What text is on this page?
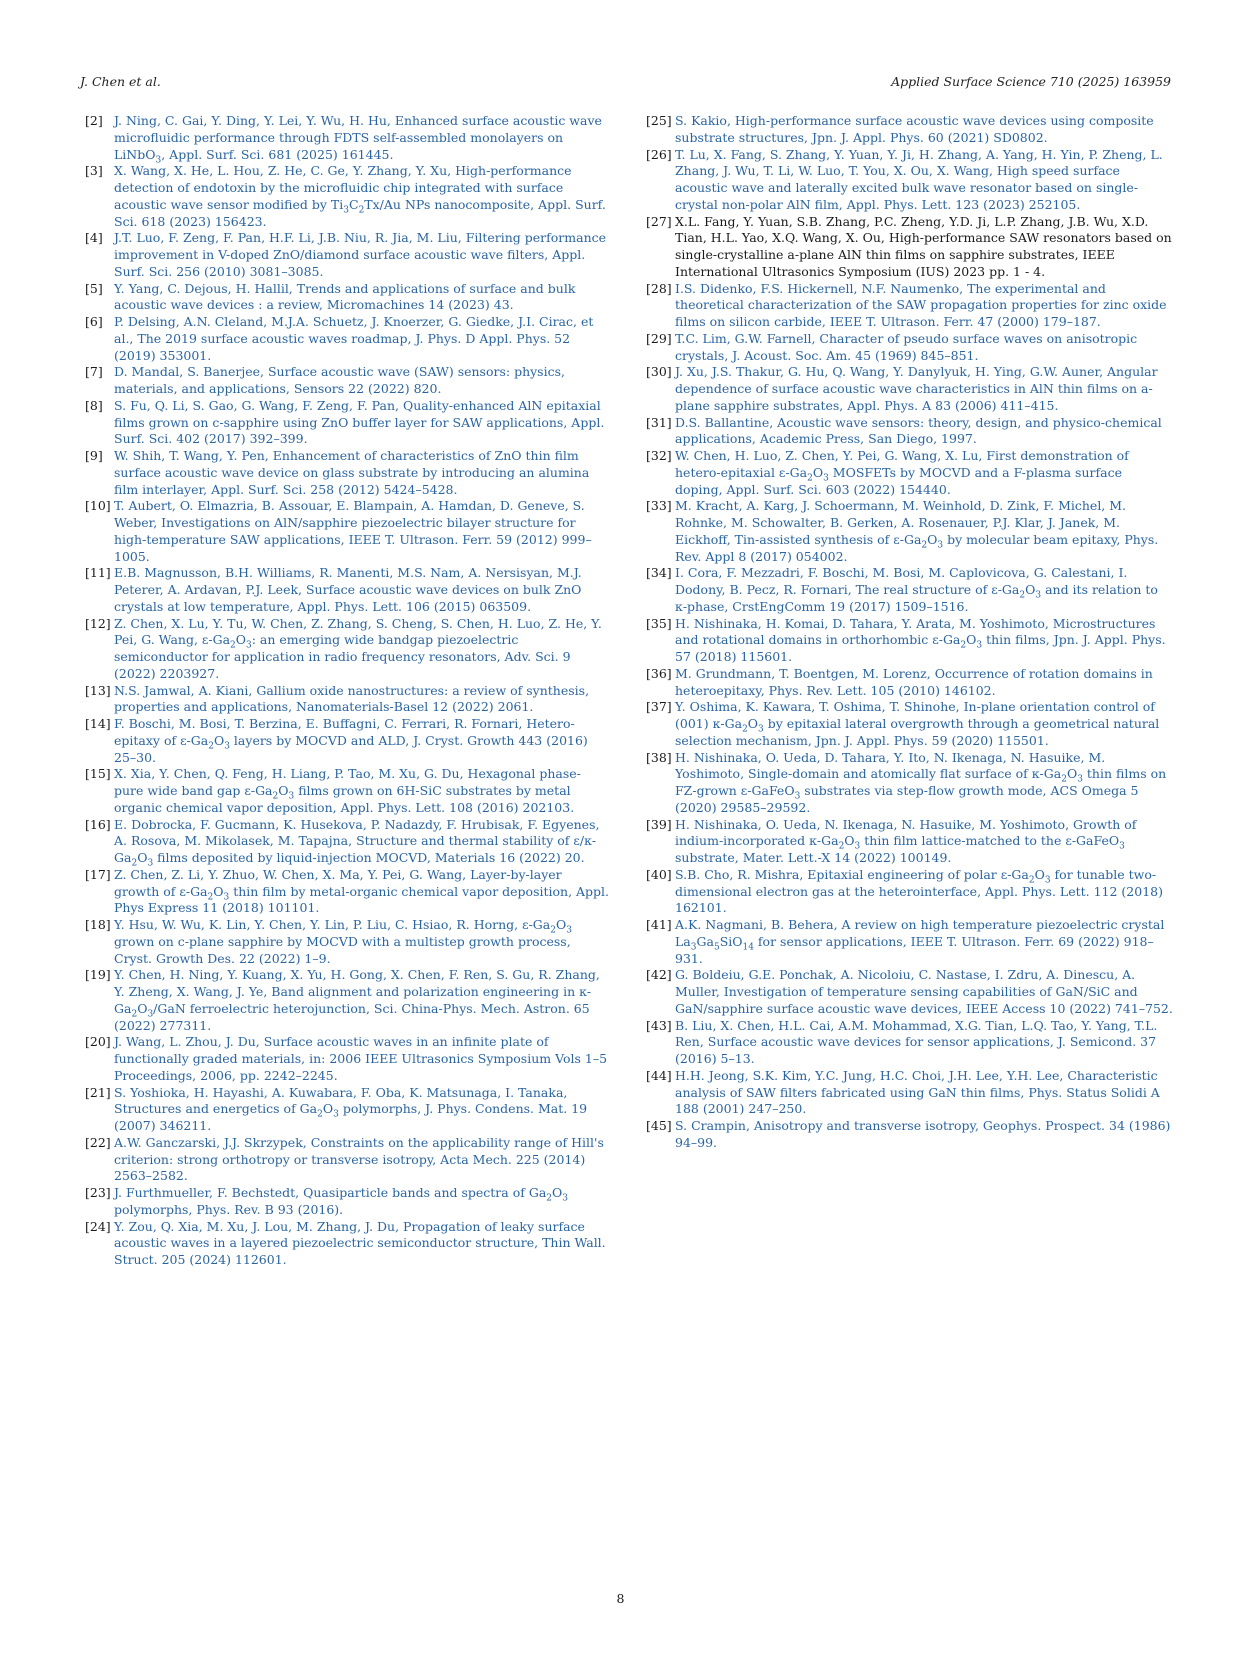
J. Chen et al.	Applied Surface Science 710 (2025) 163959
[2] J. Ning, C. Gai, Y. Ding, Y. Lei, Y. Wu, H. Hu, Enhanced surface acoustic wave microfluidic performance through FDTS self-assembled monolayers on LiNbO$_3$, Appl. Surf. Sci. 681 (2025) 161445.
[3] X. Wang, X. He, L. Hou, Z. He, C. Ge, Y. Zhang, Y. Xu, High-performance detection of endotoxin by the microfluidic chip integrated with surface acoustic wave sensor modified by $Ti_3C_2Tx/Au$ NPs nanocomposite, Appl. Surf. Sci. 618 (2023) 156423.
[4] J.T. Luo, F. Zeng, F. Pan, H.F. Li, J.B. Niu, R. Jia, M. Liu, Filtering performance improvement in V-doped ZnO/diamond surface acoustic wave filters, Appl. Surf. Sci. 256 (2010) 3081–3085.
[5] Y. Yang, C. Dejous, H. Hallil, Trends and applications of surface and bulk acoustic wave devices : a review, Micromachines 14 (2023) 43.
[6] P. Delsing, A.N. Cleland, M.J.A. Schuetz, J. Knoerzer, G. Giedke, J.I. Cirac, et al., The 2019 surface acoustic waves roadmap, J. Phys. D Appl. Phys. 52 (2019) 353001.
[7] D. Mandal, S. Banerjee, Surface acoustic wave (SAW) sensors: physics, materials, and applications, Sensors 22 (2022) 820.
[8] S. Fu, Q. Li, S. Gao, G. Wang, F. Zeng, F. Pan, Quality-enhanced AlN epitaxial films grown on c-sapphire using ZnO buffer layer for SAW applications, Appl. Surf. Sci. 402 (2017) 392–399.
[9] W. Shih, T. Wang, Y. Pen, Enhancement of characteristics of ZnO thin film surface acoustic wave device on glass substrate by introducing an alumina film interlayer, Appl. Surf. Sci. 258 (2012) 5424–5428.
[10] T. Aubert, O. Elmazria, B. Assouar, E. Blampain, A. Hamdan, D. Geneve, S. Weber, Investigations on AlN/sapphire piezoelectric bilayer structure for high-temperature SAW applications, IEEE T. Ultrason. Ferr. 59 (2012) 999–1005.
[11] E.B. Magnusson, B.H. Williams, R. Manenti, M.S. Nam, A. Nersisyan, M.J. Peterer, A. Ardavan, P.J. Leek, Surface acoustic wave devices on bulk ZnO crystals at low temperature, Appl. Phys. Lett. 106 (2015) 063509.
[12] Z. Chen, X. Lu, Y. Tu, W. Chen, Z. Zhang, S. Cheng, S. Chen, H. Luo, Z. He, Y. Pei, G. Wang, $\varepsilon-Ga_2O_3$: an emerging wide bandgap piezoelectric semiconductor for application in radio frequency resonators, Adv. Sci. 9 (2022) 2203927.
[13] N.S. Jamwal, A. Kiani, Gallium oxide nanostructures: a review of synthesis, properties and applications, Nanomaterials-Basel 12 (2022) 2061.
[14] F. Boschi, M. Bosi, T. Berzina, E. Buffagni, C. Ferrari, R. Fornari, Hetero-epitaxy of $\varepsilon-Ga_2O_3$ layers by MOCVD and ALD, J. Cryst. Growth 443 (2016) 25–30.
[15] X. Xia, Y. Chen, Q. Feng, H. Liang, P. Tao, M. Xu, G. Du, Hexagonal phase-pure wide band gap $\varepsilon-Ga_2O_3$ films grown on 6H-SiC substrates by metal organic chemical vapor deposition, Appl. Phys. Lett. 108 (2016) 202103.
[16] E. Dobrocka, F. Gucmann, K. Husekova, P. Nadazdy, F. Hrubisak, F. Egyenes, A. Rosova, M. Mikolasek, M. Tapajna, Structure and thermal stability of $\varepsilon/\kappa-Ga_2O_3$ films deposited by liquid-injection MOCVD, Materials 16 (2022) 20.
[17] Z. Chen, Z. Li, Y. Zhuo, W. Chen, X. Ma, Y. Pei, G. Wang, Layer-by-layer growth of $\varepsilon-Ga_2O_3$ thin film by metal-organic chemical vapor deposition, Appl. Phys Express 11 (2018) 101101.
[18] Y. Hsu, W. Wu, K. Lin, Y. Chen, Y. Lin, P. Liu, C. Hsiao, R. Horng, $\varepsilon-Ga_2O_3$ grown on c-plane sapphire by MOCVD with a multistep growth process, Cryst. Growth Des. 22 (2022) 1–9.
[19] Y. Chen, H. Ning, Y. Kuang, X. Yu, H. Gong, X. Chen, F. Ren, S. Gu, R. Zhang, Y. Zheng, X. Wang, J. Ye, Band alignment and polarization engineering in $\kappa-Ga_2O_3$/GaN ferroelectric heterojunction, Sci. China-Phys. Mech. Astron. 65 (2022) 277311.
[20] J. Wang, L. Zhou, J. Du, Surface acoustic waves in an infinite plate of functionally graded materials, in: 2006 IEEE Ultrasonics Symposium Vols 1–5 Proceedings, 2006, pp. 2242–2245.
[21] S. Yoshioka, H. Hayashi, A. Kuwabara, F. Oba, K. Matsunaga, I. Tanaka, Structures and energetics of $Ga_2O_3$ polymorphs, J. Phys. Condens. Mat. 19 (2007) 346211.
[22] A.W. Ganczarski, J.J. Skrzypek, Constraints on the applicability range of Hill's criterion: strong orthotropy or transverse isotropy, Acta Mech. 225 (2014) 2563–2582.
[23] J. Furthmueller, F. Bechstedt, Quasiparticle bands and spectra of $Ga_2O_3$ polymorphs, Phys. Rev. B 93 (2016).
[24] Y. Zou, Q. Xia, M. Xu, J. Lou, M. Zhang, J. Du, Propagation of leaky surface acoustic waves in a layered piezoelectric semiconductor structure, Thin Wall. Struct. 205 (2024) 112601.
[25] S. Kakio, High-performance surface acoustic wave devices using composite substrate structures, Jpn. J. Appl. Phys. 60 (2021) SD0802.
[26] T. Lu, X. Fang, S. Zhang, Y. Yuan, Y. Ji, H. Zhang, A. Yang, H. Yin, P. Zheng, L. Zhang, J. Wu, T. Li, W. Luo, T. You, X. Ou, X. Wang, High speed surface acoustic wave and laterally excited bulk wave resonator based on single-crystal non-polar AlN film, Appl. Phys. Lett. 123 (2023) 252105.
[27] X.L. Fang, Y. Yuan, S.B. Zhang, P.C. Zheng, Y.D. Ji, L.P. Zhang, J.B. Wu, X.D. Tian, H.L. Yao, X.Q. Wang, X. Ou, High-performance SAW resonators based on single-crystalline a-plane AlN thin films on sapphire substrates, IEEE International Ultrasonics Symposium (IUS) 2023 pp. 1 - 4.
[28] I.S. Didenko, F.S. Hickernell, N.F. Naumenko, The experimental and theoretical characterization of the SAW propagation properties for zinc oxide films on silicon carbide, IEEE T. Ultrason. Ferr. 47 (2000) 179–187.
[29] T.C. Lim, G.W. Farnell, Character of pseudo surface waves on anisotropic crystals, J. Acoust. Soc. Am. 45 (1969) 845–851.
[30] J. Xu, J.S. Thakur, G. Hu, Q. Wang, Y. Danylyuk, H. Ying, G.W. Auner, Angular dependence of surface acoustic wave characteristics in AlN thin films on a-plane sapphire substrates, Appl. Phys. A 83 (2006) 411–415.
[31] D.S. Ballantine, Acoustic wave sensors: theory, design, and physico-chemical applications, Academic Press, San Diego, 1997.
[32] W. Chen, H. Luo, Z. Chen, Y. Pei, G. Wang, X. Lu, First demonstration of hetero-epitaxial $\varepsilon-Ga_2O_3$ MOSFETs by MOCVD and a F-plasma surface doping, Appl. Surf. Sci. 603 (2022) 154440.
[33] M. Kracht, A. Karg, J. Schoermann, M. Weinhold, D. Zink, F. Michel, M. Rohnke, M. Schowalter, B. Gerken, A. Rosenauer, P.J. Klar, J. Janek, M. Eickhoff, Tin-assisted synthesis of $\varepsilon-Ga_2O_3$ by molecular beam epitaxy, Phys. Rev. Appl 8 (2017) 054002.
[34] I. Cora, F. Mezzadri, F. Boschi, M. Bosi, M. Caplovicova, G. Calestani, I. Dodony, B. Pecz, R. Fornari, The real structure of $\varepsilon-Ga_2O_3$ and its relation to κ-phase, CrstEngComm 19 (2017) 1509–1516.
[35] H. Nishinaka, H. Komai, D. Tahara, Y. Arata, M. Yoshimoto, Microstructures and rotational domains in orthorhombic $\varepsilon-Ga_2O_3$ thin films, Jpn. J. Appl. Phys. 57 (2018) 115601.
[36] M. Grundmann, T. Boentgen, M. Lorenz, Occurrence of rotation domains in heteroepitaxy, Phys. Rev. Lett. 105 (2010) 146102.
[37] Y. Oshima, K. Kawara, T. Oshima, T. Shinohe, In-plane orientation control of (001) $\kappa-Ga_2O_3$ by epitaxial lateral overgrowth through a geometrical natural selection mechanism, Jpn. J. Appl. Phys. 59 (2020) 115501.
[38] H. Nishinaka, O. Ueda, D. Tahara, Y. Ito, N. Ikenaga, N. Hasuike, M. Yoshimoto, Single-domain and atomically flat surface of $\kappa-Ga_2O_3$ thin films on FZ-grown ε-GaFeO$_3$ substrates via step-flow growth mode, ACS Omega 5 (2020) 29585–29592.
[39] H. Nishinaka, O. Ueda, N. Ikenaga, N. Hasuike, M. Yoshimoto, Growth of indium-incorporated $\kappa-Ga_2O_3$ thin film lattice-matched to the ε-GaFeO$_3$ substrate, Mater. Lett.-X 14 (2022) 100149.
[40] S.B. Cho, R. Mishra, Epitaxial engineering of polar $\varepsilon-Ga_2O_3$ for tunable two-dimensional electron gas at the heterointerface, Appl. Phys. Lett. 112 (2018) 162101.
[41] A.K. Nagmani, B. Behera, A review on high temperature piezoelectric crystal $La_3Ga_5SiO_{14}$ for sensor applications, IEEE T. Ultrason. Ferr. 69 (2022) 918–931.
[42] G. Boldeiu, G.E. Ponchak, A. Nicoloiu, C. Nastase, I. Zdru, A. Dinescu, A. Muller, Investigation of temperature sensing capabilities of GaN/SiC and GaN/sapphire surface acoustic wave devices, IEEE Access 10 (2022) 741–752.
[43] B. Liu, X. Chen, H.L. Cai, A.M. Mohammad, X.G. Tian, L.Q. Tao, Y. Yang, T.L. Ren, Surface acoustic wave devices for sensor applications, J. Semicond. 37 (2016) 5–13.
[44] H.H. Jeong, S.K. Kim, Y.C. Jung, H.C. Choi, J.H. Lee, Y.H. Lee, Characteristic analysis of SAW filters fabricated using GaN thin films, Phys. Status Solidi A 188 (2001) 247–250.
[45] S. Crampin, Anisotropy and transverse isotropy, Geophys. Prospect. 34 (1986) 94–99.
8
